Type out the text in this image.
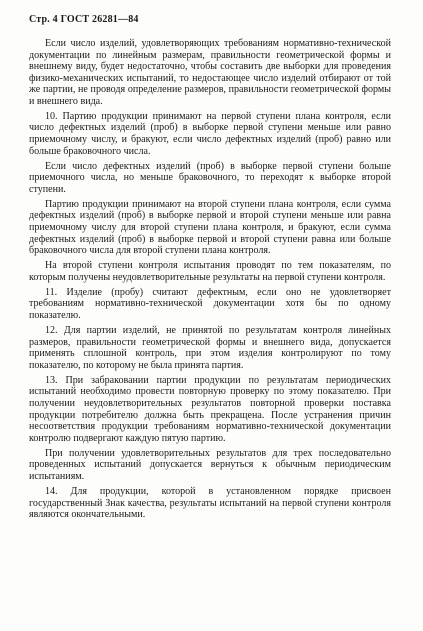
Стр. 4 ГОСТ 26281—84

Если число изделий, удовлетворяющих требованиям нормативно-технической документации по линейным размерам, правильности геометрической формы и внешнему виду, будет недостаточно, чтобы составить две выборки для проведения физико-механических испытаний, то недостающее число изделий отбирают от той же партии, не проводя определение размеров, правильности геометрической формы и внешнего вида.

10. Партию продукции принимают на первой ступени плана контроля, если число дефектных изделий (проб) в выборке первой ступени меньше или равно приемочному числу, и бракуют, если число дефектных изделий (проб) равно или больше браковочного числа.

Если число дефектных изделий (проб) в выборке первой ступени больше приемочного числа, но меньше браковочного, то переходят к выборке второй ступени.

Партию продукции принимают на второй ступени плана контроля, если сумма дефектных изделий (проб) в выборке первой и второй ступени меньше или равна приемочному числу для второй ступени плана контроля, и бракуют, если сумма дефектных изделий (проб) в выборке первой и второй ступени равна или больше браковочного числа для второй ступени плана контроля.

На второй ступени контроля испытания проводят по тем показателям, по которым получены неудовлетворительные результаты на первой ступени контроля.

11. Изделие (пробу) считают дефектным, если оно не удовлетворяет требованиям нормативно-технической документации хотя бы по одному показателю.

12. Для партии изделий, не принятой по результатам контроля линейных размеров, правильности геометрической формы и внешнего вида, допускается применять сплошной контроль, при этом изделия контролируют по тому показателю, по которому не была принята партия.

13. При забраковании партии продукции по результатам периодических испытаний необходимо провести повторную проверку по этому показателю. При получении неудовлетворительных результатов повторной проверки поставка продукции потребителю должна быть прекращена. После устранения причин несоответствия продукции требованиям нормативно-технической документации контролю подвергают каждую пятую партию.

При получении удовлетворительных результатов для трех последовательно проведенных испытаний допускается вернуться к обычным периодическим испытаниям.

14. Для продукции, которой в установленном порядке присвоен государственный Знак качества, результаты испытаний на первой ступени контроля являются окончательными.
